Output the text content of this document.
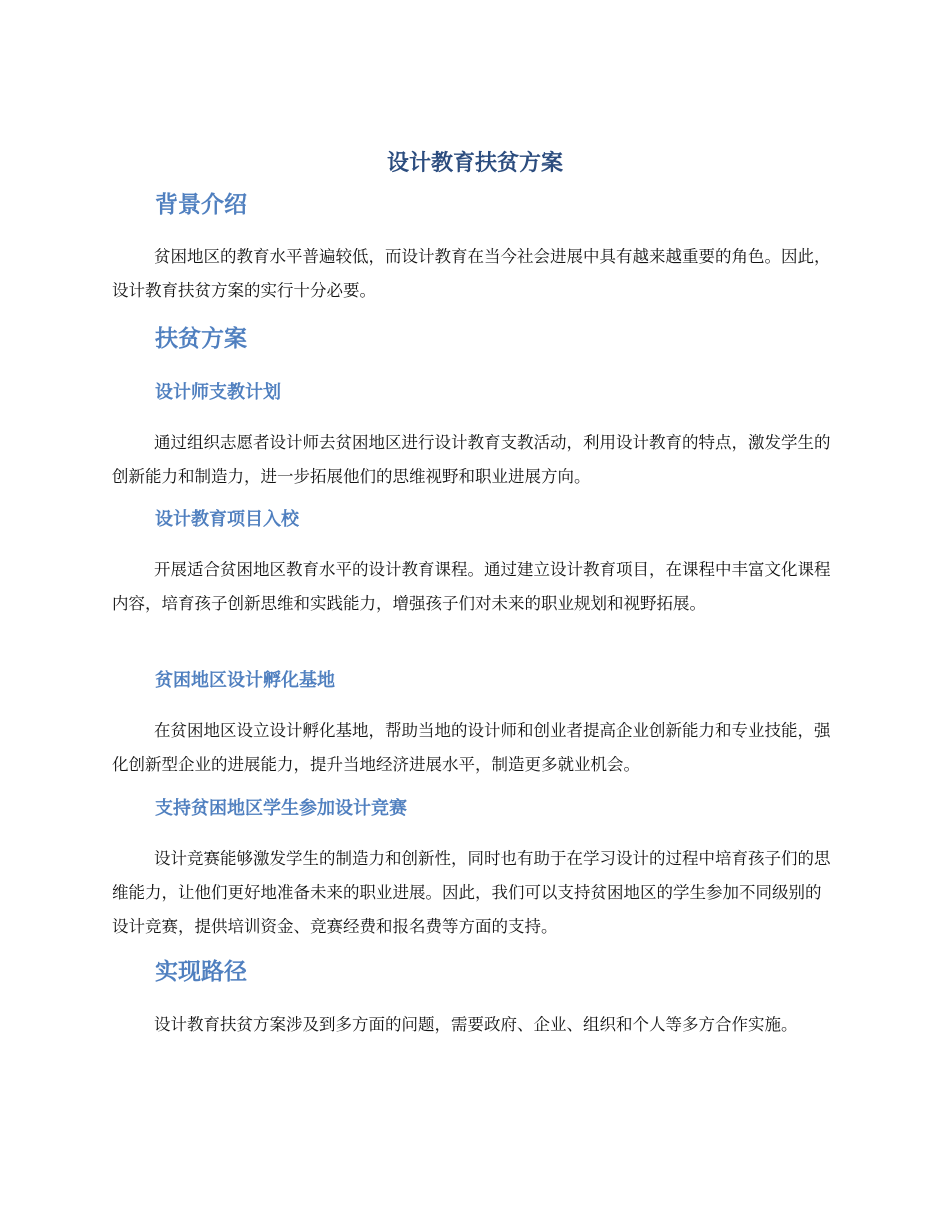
设计教育扶贫方案
背景介绍

贫困地区的教育水平普遍较低，而设计教育在当今社会进展中具有越来越重要的角色。因此，设计教育扶贫方案的实行十分必要。

扶贫方案
设计师支教计划

通过组织志愿者设计师去贫困地区进行设计教育支教活动，利用设计教育的特点，激发学生的创新能力和制造力，进一步拓展他们的思维视野和职业进展方向。

设计教育项目入校

开展适合贫困地区教育水平的设计教育课程。通过建立设计教育项目，在课程中丰富文化课程内容，培育孩子创新思维和实践能力，增强孩子们对未来的职业规划和视野拓展。

贫困地区设计孵化基地

在贫困地区设立设计孵化基地，帮助当地的设计师和创业者提高企业创新能力和专业技能，强化创新型企业的进展能力，提升当地经济进展水平，制造更多就业机会。

支持贫困地区学生参加设计竞赛

设计竞赛能够激发学生的制造力和创新性，同时也有助于在学习设计的过程中培育孩子们的思维能力，让他们更好地准备未来的职业进展。因此，我们可以支持贫困地区的学生参加不同级别的设计竞赛，提供培训资金、竞赛经费和报名费等方面的支持。

实现路径

设计教育扶贫方案涉及到多方面的问题，需要政府、企业、组织和个人等多方合作实施。
